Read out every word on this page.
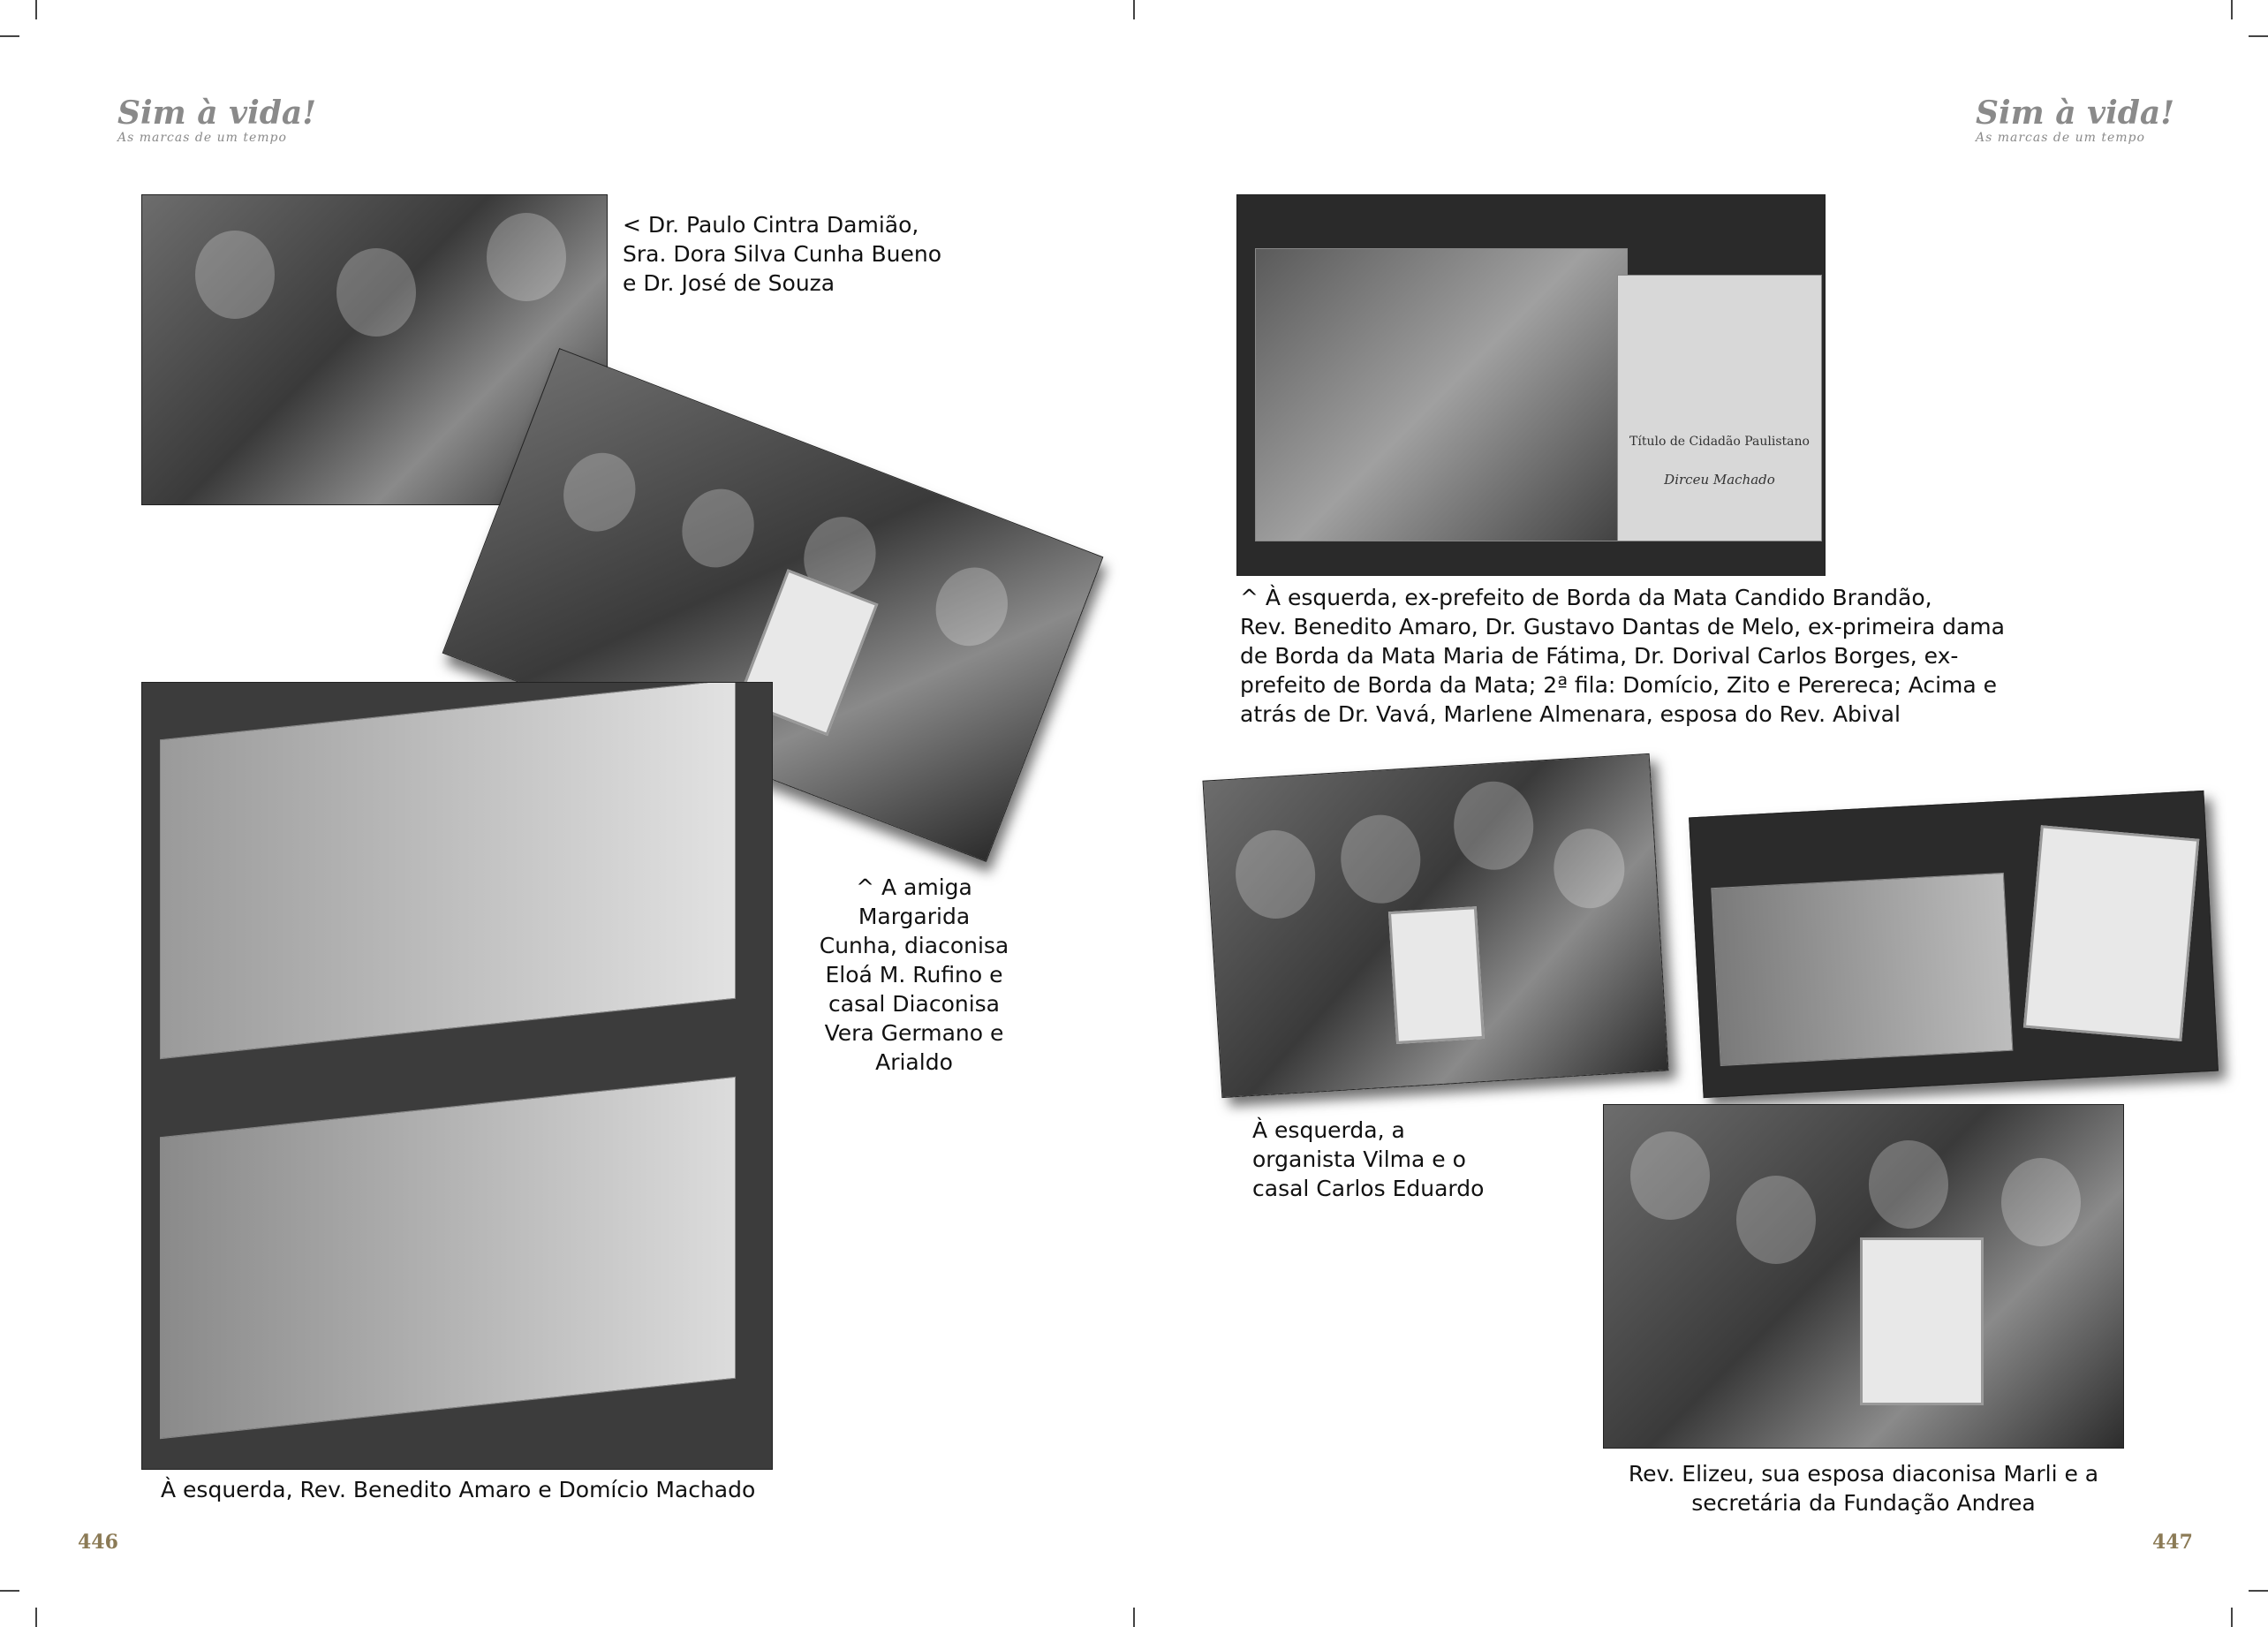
Sim à vida!
As marcas de um tempo
Sim à vida!
As marcas de um tempo
< Dr. Paulo Cintra Damião,
Sra. Dora Silva Cunha Bueno
e Dr. José de Souza
^ A amiga
Margarida
Cunha, diaconisa
Eloá M. Rufino e
casal Diaconisa
Vera Germano e
Arialdo
À esquerda, Rev. Benedito Amaro e Domício Machado
Título de Cidadão Paulistano
Dirceu Machado
^ À esquerda, ex-prefeito de Borda da Mata Candido Brandão,
Rev. Benedito Amaro, Dr. Gustavo Dantas de Melo, ex-primeira dama
de Borda da Mata Maria de Fátima, Dr. Dorival Carlos Borges, ex-
prefeito de Borda da Mata; 2ª fila: Domício, Zito e Perereca; Acima e
atrás de Dr. Vavá, Marlene Almenara, esposa do Rev. Abival
À esquerda, a
organista Vilma e o
casal Carlos Eduardo
Rev. Elizeu, sua esposa diaconisa Marli e a
secretária da Fundação Andrea
446	447
